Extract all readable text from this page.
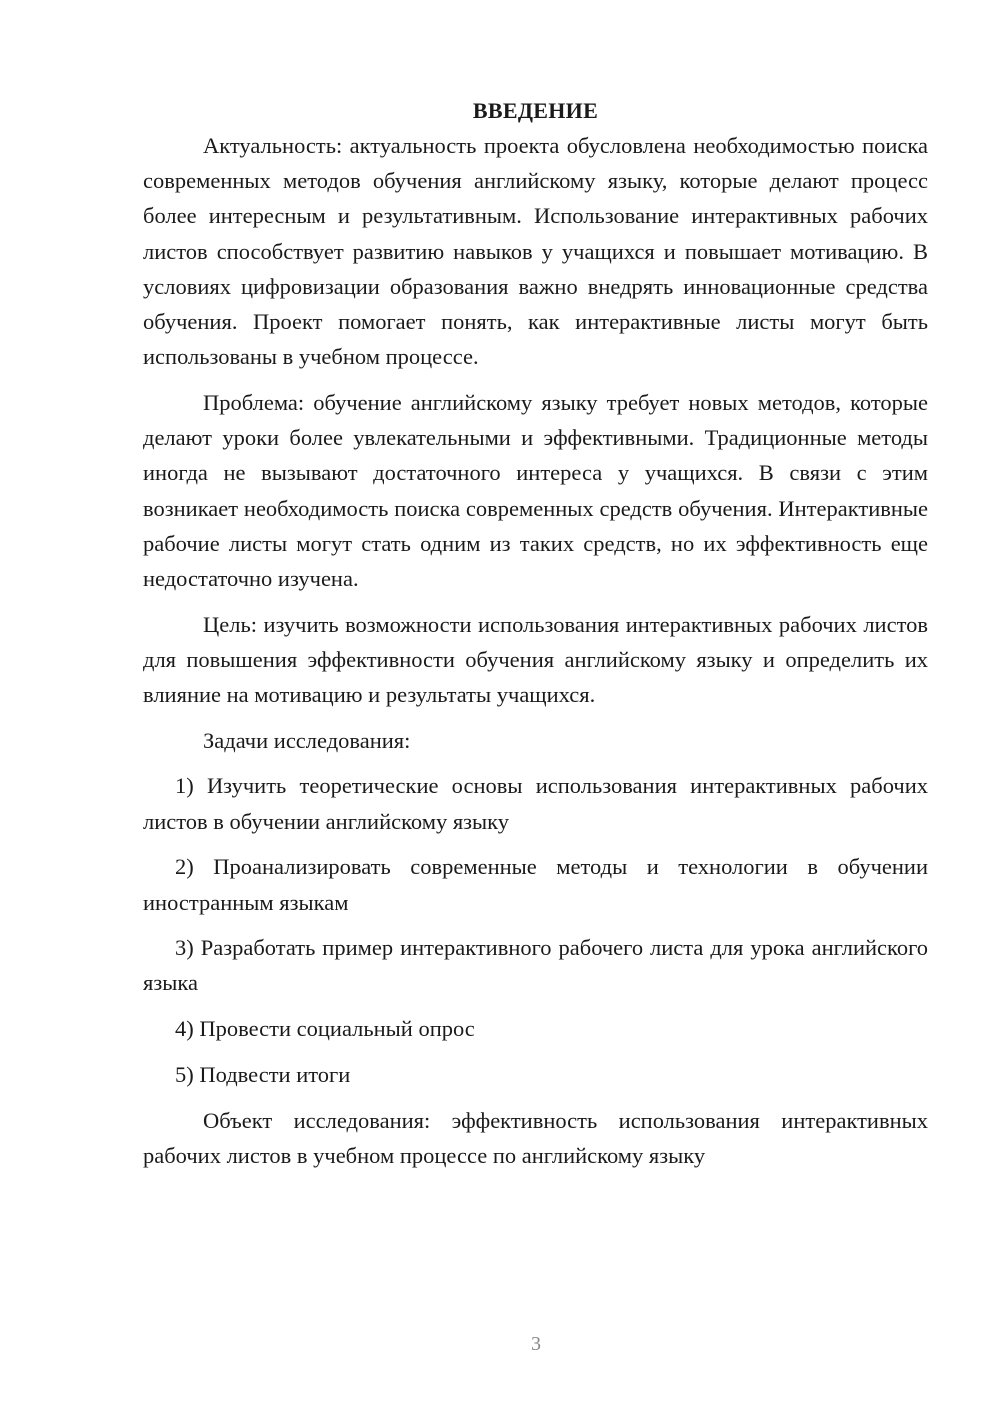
ВВЕДЕНИЕ

Актуальность: актуальность проекта обусловлена необходимостью поиска современных методов обучения английскому языку, которые делают процесс более интересным и результативным. Использование интерактивных рабочих листов способствует развитию навыков у учащихся и повышает мотивацию. В условиях цифровизации образования важно внедрять инновационные средства обучения. Проект помогает понять, как интерактивные листы могут быть использованы в учебном процессе.

Проблема: обучение английскому языку требует новых методов, которые делают уроки более увлекательными и эффективными. Традиционные методы иногда не вызывают достаточного интереса у учащихся. В связи с этим возникает необходимость поиска современных средств обучения. Интерактивные рабочие листы могут стать одним из таких средств, но их эффективность еще недостаточно изучена.

Цель: изучить возможности использования интерактивных рабочих листов для повышения эффективности обучения английскому языку и определить их влияние на мотивацию и результаты учащихся.

Задачи исследования:

1) Изучить теоретические основы использования интерактивных рабочих листов в обучении английскому языку

2) Проанализировать современные методы и технологии в обучении иностранным языкам

3) Разработать пример интерактивного рабочего листа для урока английского языка

4) Провести социальный опрос

5) Подвести итоги

Объект исследования: эффективность использования интерактивных рабочих листов в учебном процессе по английскому языку

3
